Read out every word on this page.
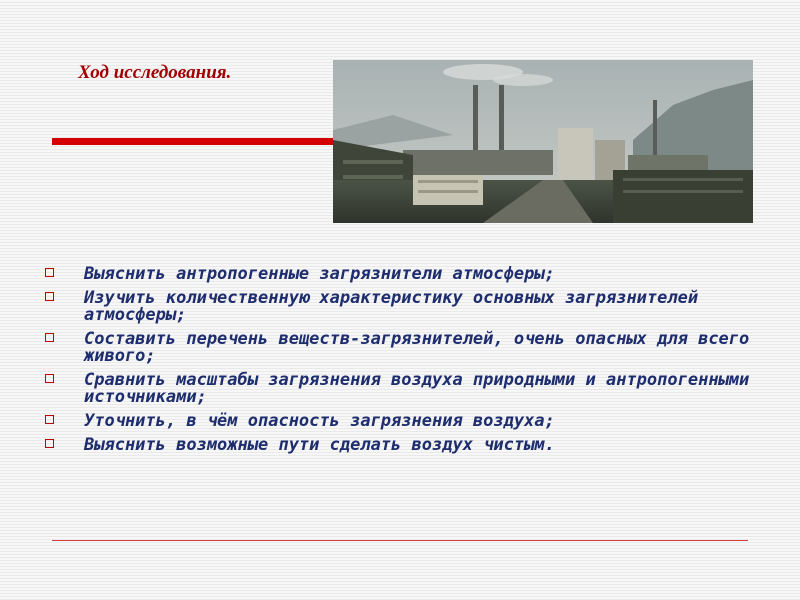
Ход исследования.
Выяснить антропогенные загрязнители атмосферы;
Изучить количественную характеристику основных загрязнителей атмосферы;
Составить перечень веществ-загрязнителей, очень опасных для всего живого;
Сравнить масштабы загрязнения воздуха природными и антропогенными источниками;
Уточнить, в чём опасность загрязнения воздуха;
Выяснить возможные пути сделать воздух чистым.
